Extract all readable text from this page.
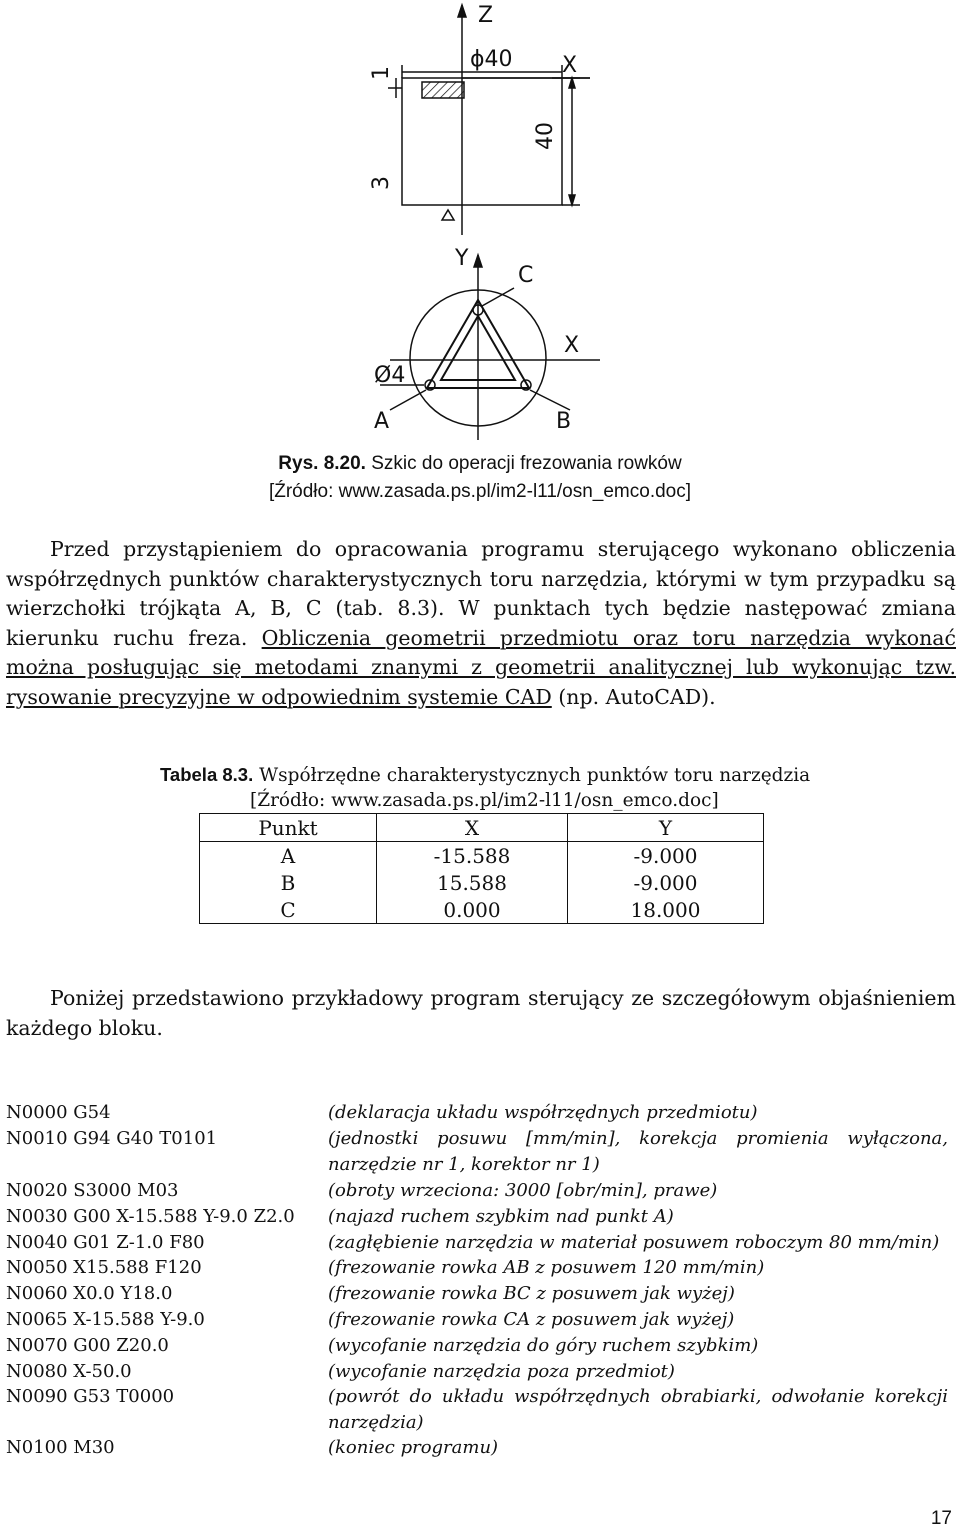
Z
ϕ40 X
40
1
3
Y
C
X
Ø4
A	B
Rys. 8.20. Szkic do operacji frezowania rowków
[Źródło: www.zasada.ps.pl/im2-l11/osn_emco.doc]
Przed przystąpieniem do opracowania programu sterującego wykonano obliczenia współrzędnych punktów charakterystycznych toru narzędzia, którymi w tym przypadku są wierzchołki trójkąta A, B, C (tab. 8.3). W punktach tych będzie następować zmiana kierunku ruchu freza. Obliczenia geometrii przedmiotu oraz toru narzędzia wykonać można posługując się metodami znanymi z geometrii analitycznej lub wykonując tzw. rysowanie precyzyjne w odpowiednim systemie CAD (np. AutoCAD).
Tabela 8.3. Współrzędne charakterystycznych punktów toru narzędzia
[Źródło: www.zasada.ps.pl/im2-l11/osn_emco.doc]
Punkt	X	Y
A	-15.588	-9.000
B	15.588	-9.000
C	0.000	18.000
Poniżej przedstawiono przykładowy program sterujący ze szczegółowym objaśnieniem każdego bloku.
N0000 G54	(deklaracja układu współrzędnych przedmiotu)
N0010 G94 G40 T0101	(jednostki posuwu [mm/min], korekcja promienia wyłączona, narzędzie nr 1, korektor nr 1)
N0020 S3000 M03	(obroty wrzeciona: 3000 [obr/min], prawe)
N0030 G00 X-15.588 Y-9.0 Z2.0 (najazd ruchem szybkim nad punkt A)
N0040 G01 Z-1.0 F80	(zagłębienie narzędzia w materiał posuwem roboczym 80 mm/min)
N0050 X15.588 F120	(frezowanie rowka AB z posuwem 120 mm/min)
N0060 X0.0 Y18.0	(frezowanie rowka BC z posuwem jak wyżej)
N0065 X-15.588 Y-9.0	(frezowanie rowka CA z posuwem jak wyżej)
N0070 G00 Z20.0	(wycofanie narzędzia do góry ruchem szybkim)
N0080 X-50.0	(wycofanie narzędzia poza przedmiot)
N0090 G53 T0000	(powrót do układu współrzędnych obrabiarki, odwołanie korekcji narzędzia)
N0100 M30	(koniec programu)
17
